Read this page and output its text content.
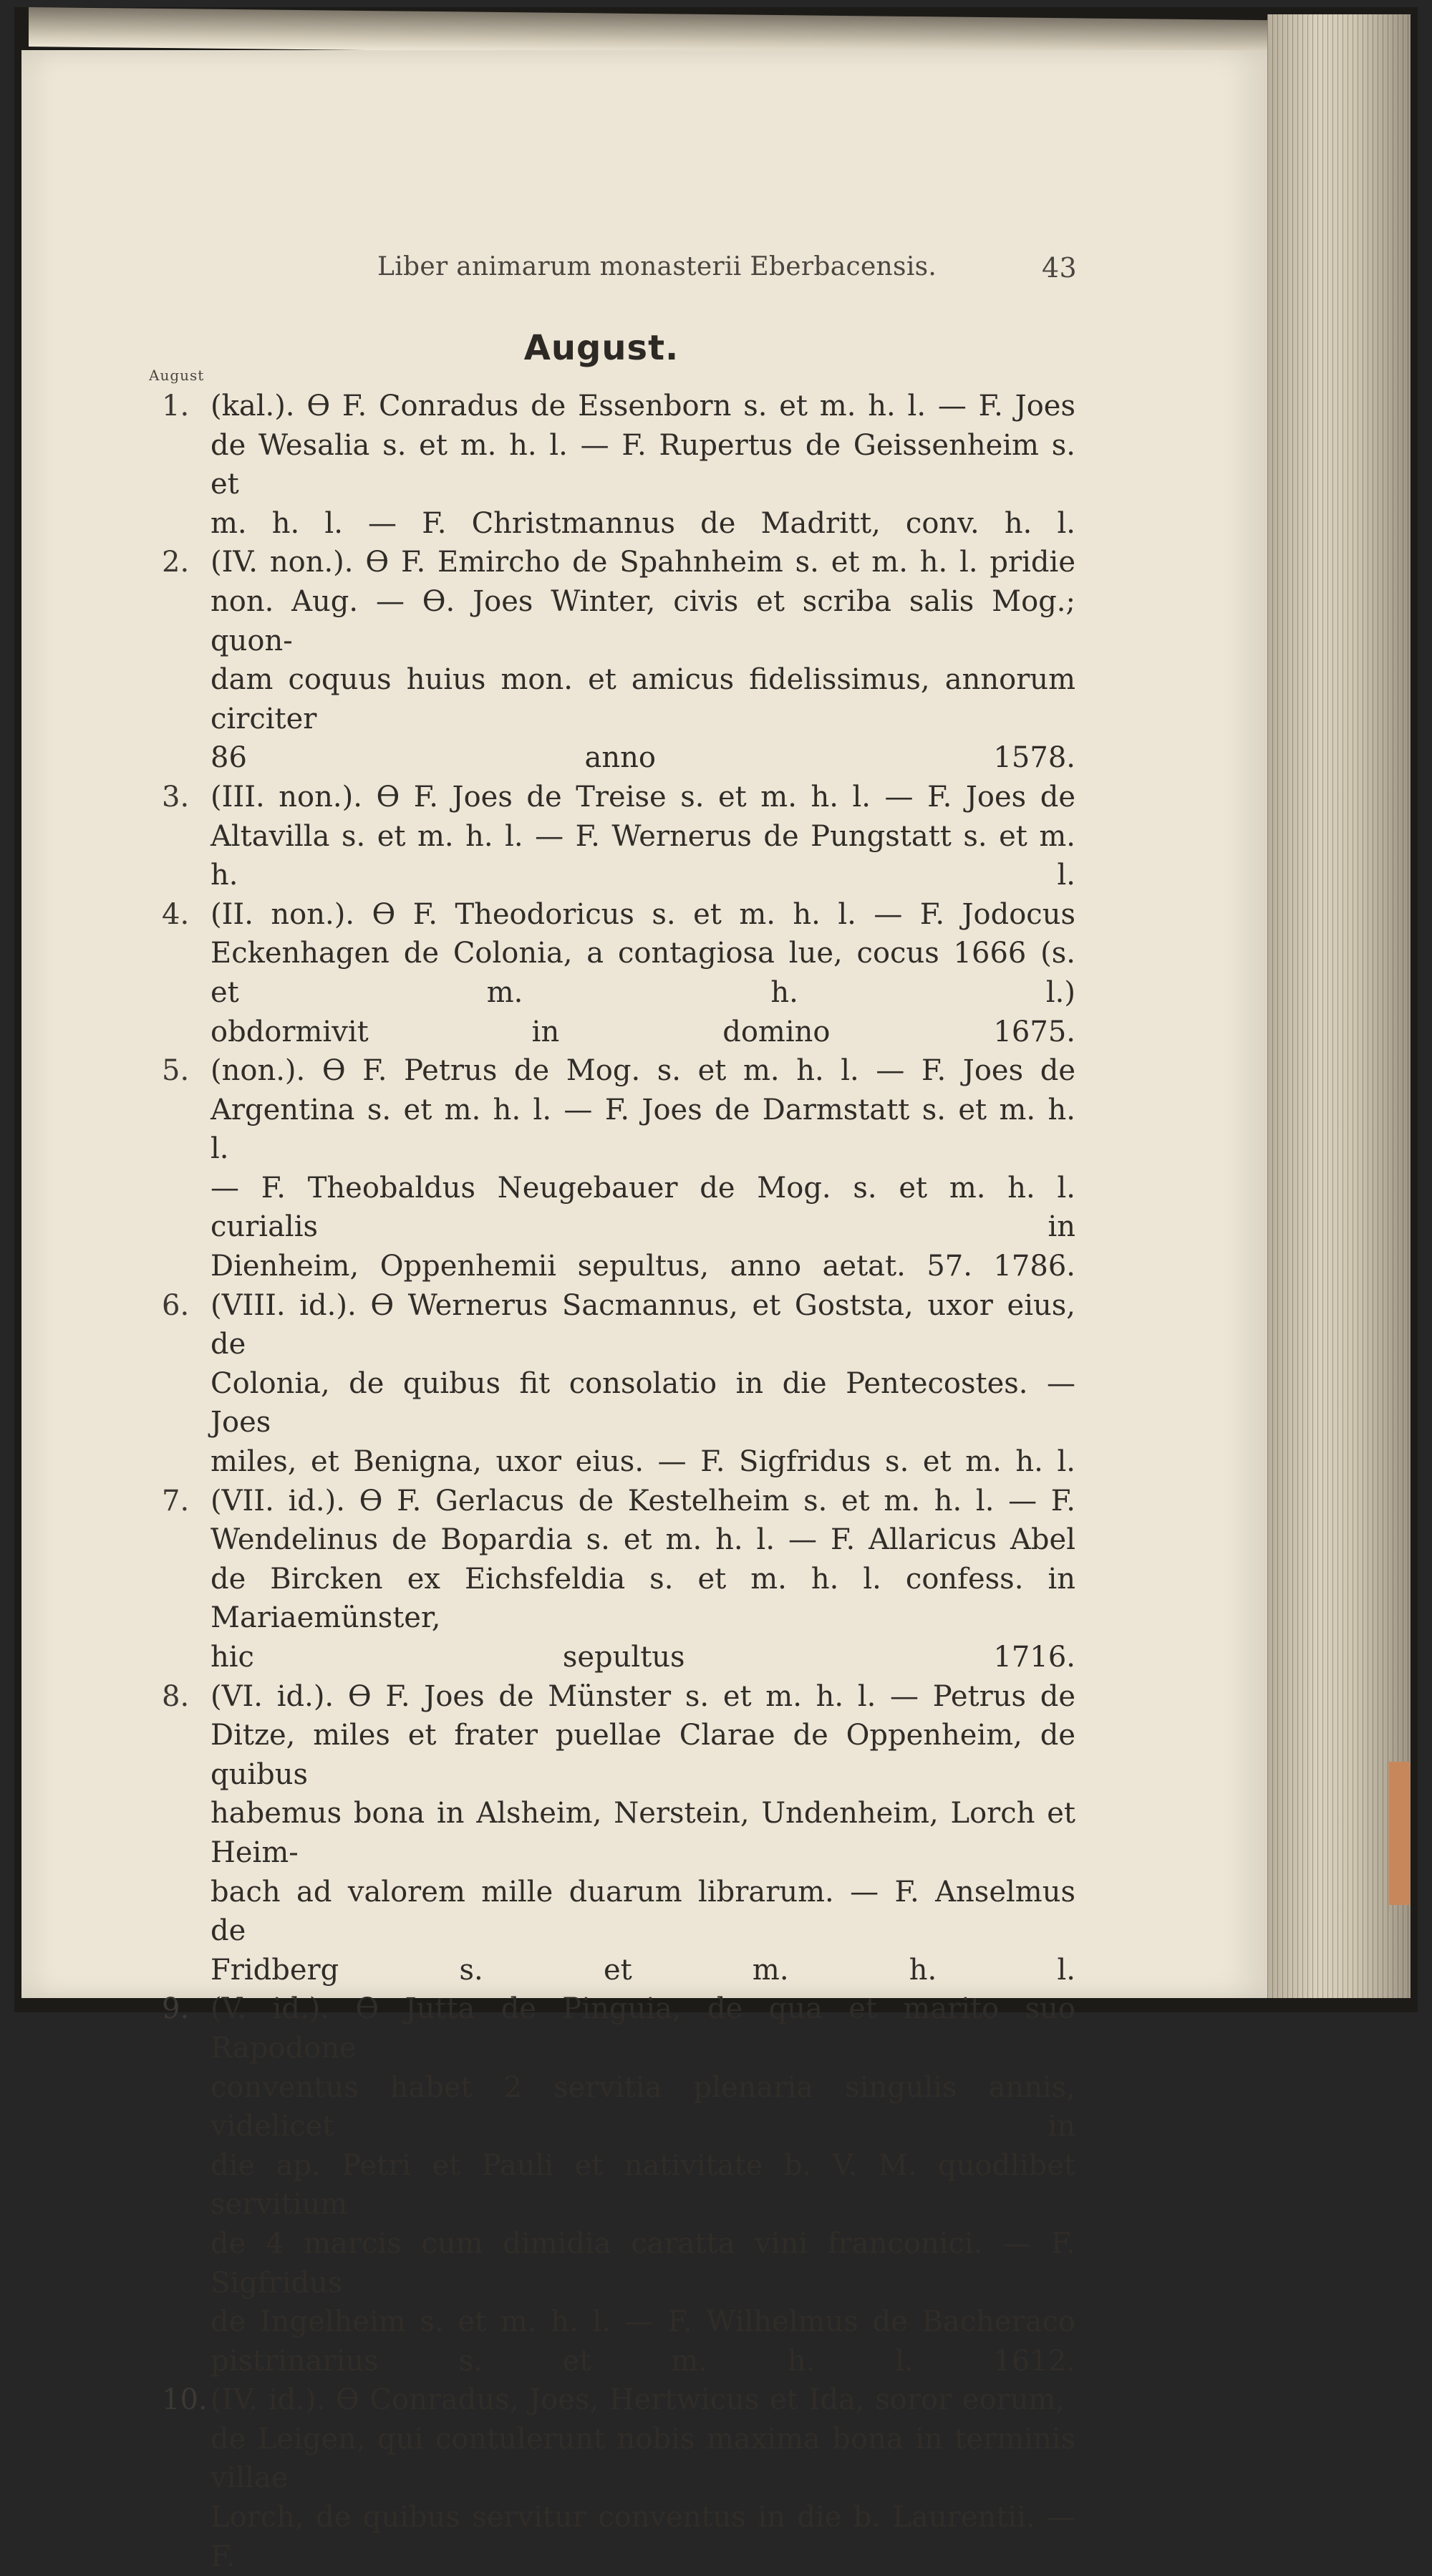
Liber animarum monasterii Eberbacensis.	43
August.
August
1. (kal.). ϴ F. Conradus de Essenborn s. et m. h. l. — F. Joes
de Wesalia s. et m. h. l. — F. Rupertus de Geissenheim s. et
m. h. l. — F. Christmannus de Madritt, conv. h. l.
2. (IV. non.). ϴ F. Emircho de Spahnheim s. et m. h. l. pridie
non. Aug. — ϴ. Joes Winter, civis et scriba salis Mog.; quon-
dam coquus huius mon. et amicus fidelissimus, annorum circiter
86 anno 1578.
3. (III. non.). ϴ F. Joes de Treise s. et m. h. l. — F. Joes de
Altavilla s. et m. h. l. — F. Wernerus de Pungstatt s. et m. h. l.
4. (II. non.). ϴ F. Theodoricus s. et m. h. l. — F. Jodocus
Eckenhagen de Colonia, a contagiosa lue, cocus 1666 (s. et m. h. l.)
obdormivit in domino 1675.
5. (non.). ϴ F. Petrus de Mog. s. et m. h. l. — F. Joes de
Argentina s. et m. h. l. — F. Joes de Darmstatt s. et m. h. l.
— F. Theobaldus Neugebauer de Mog. s. et m. h. l. curialis in
Dienheim, Oppenhemii sepultus, anno aetat. 57. 1786.
6. (VIII. id.). ϴ Wernerus Sacmannus, et Goststa, uxor eius, de
Colonia, de quibus fit consolatio in die Pentecostes. — Joes
miles, et Benigna, uxor eius. — F. Sigfridus s. et m. h. l.
7. (VII. id.). ϴ F. Gerlacus de Kestelheim s. et m. h. l. — F.
Wendelinus de Bopardia s. et m. h. l. — F. Allaricus Abel
de Bircken ex Eichsfeldia s. et m. h. l. confess. in Mariaemünster,
hic sepultus 1716.
8. (VI. id.). ϴ F. Joes de Münster s. et m. h. l. — Petrus de
Ditze, miles et frater puellae Clarae de Oppenheim, de quibus
habemus bona in Alsheim, Nerstein, Undenheim, Lorch et Heim-
bach ad valorem mille duarum librarum. — F. Anselmus de
Fridberg s. et m. h. l.
9. (V. id.). ϴ Jutta de Pinguia, de qua et marito suo Rapodone
conventus habet 2 servitia plenaria singulis annis, videlicet in
die ap. Petri et Pauli et nativitate b. V. M. quodlibet servitium
de 4 marcis cum dimidia caratta vini franconici. — F. Sigfridus
de Ingelheim s. et m. h. l. — F. Wilhelmus de Bacheraco
pistrinarius s. et m. h. l. 1612.
10. (IV. id.). ϴ Conradus, Joes, Hertwicus et Ida, soror eorum,
de Leigen, qui contulerunt nobis maxima bona in terminis villae
Lorch, de quibus servitur conventus in die b. Laurentii. — F.
